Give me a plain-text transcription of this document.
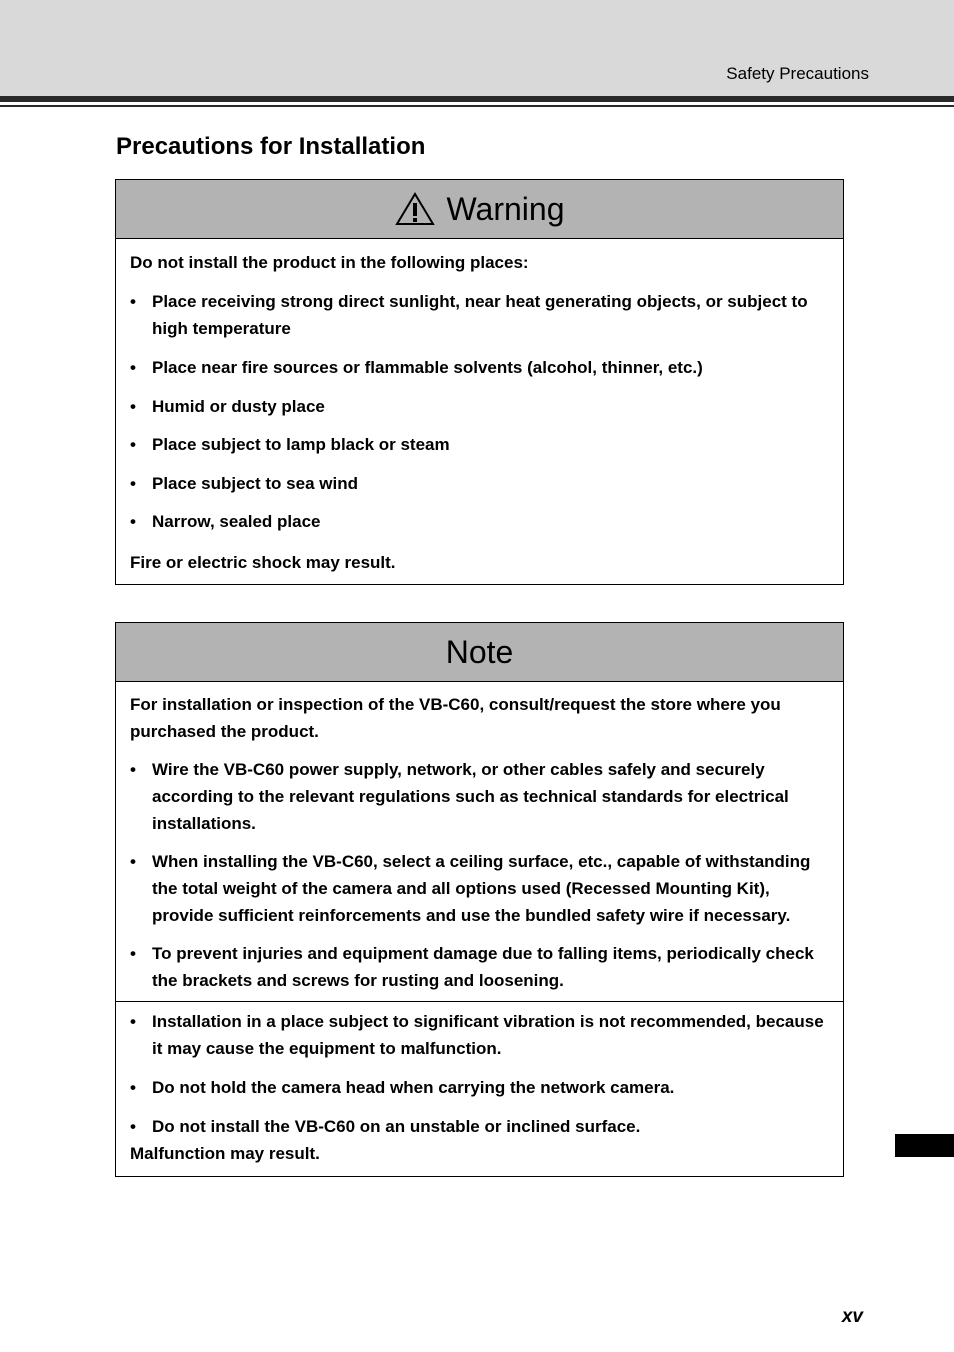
Safety Precautions
Precautions for Installation
Warning

Do not install the product in the following places:

• Place receiving strong direct sunlight, near heat generating objects, or subject to high temperature

• Place near fire sources or flammable solvents (alcohol, thinner, etc.)

• Humid or dusty place

• Place subject to lamp black or steam

• Place subject to sea wind

• Narrow, sealed place

Fire or electric shock may result.

Note

For installation or inspection of the VB-C60, consult/request the store where you purchased the product.

• Wire the VB-C60 power supply, network, or other cables safely and securely according to the relevant regulations such as technical standards for electrical installations.

• When installing the VB-C60, select a ceiling surface, etc., capable of withstanding the total weight of the camera and all options used (Recessed Mounting Kit), provide sufficient reinforcements and use the bundled safety wire if necessary.

• To prevent injuries and equipment damage due to falling items, periodically check the brackets and screws for rusting and loosening.

• Installation in a place subject to significant vibration is not recommended, because it may cause the equipment to malfunction.

• Do not hold the camera head when carrying the network camera.

• Do not install the VB-C60 on an unstable or inclined surface.

Malfunction may result.

xv
